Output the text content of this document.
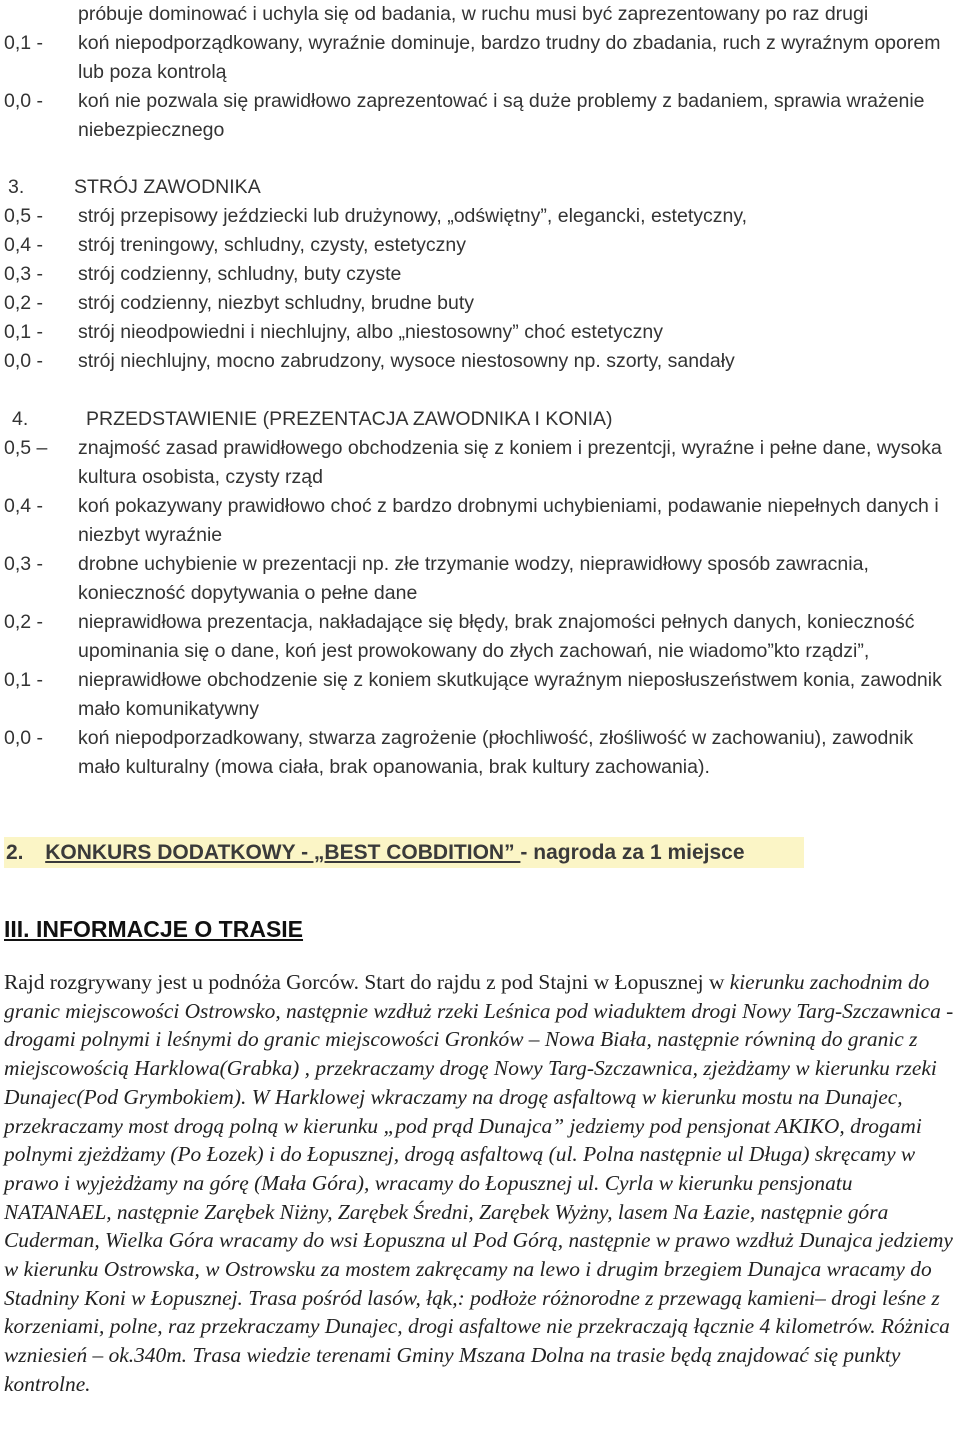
próbuje dominować i uchyla się od badania, w ruchu musi być zaprezentowany po raz drugi
0,1 -	koń niepodporządkowany, wyraźnie dominuje, bardzo trudny do zbadania, ruch z wyraźnym oporem lub poza kontrolą
0,0 -	koń nie pozwala się prawidłowo zaprezentować i są duże problemy z badaniem, sprawia wrażenie niebezpiecznego
3.	STRÓJ ZAWODNIKA
0,5 -	strój przepisowy jeździecki lub drużynowy, „odświętny”, elegancki, estetyczny,
0,4 -	strój treningowy, schludny, czysty, estetyczny
0,3 -	strój codzienny, schludny, buty czyste
0,2 -	strój codzienny, niezbyt schludny, brudne buty
0,1 -	strój nieodpowiedni i niechlujny, albo „niestosowny” choć estetyczny
0,0 -	strój niechlujny, mocno zabrudzony, wysoce niestosowny np. szorty, sandały
4.	PRZEDSTAWIENIE (PREZENTACJA ZAWODNIKA I KONIA)
0,5 –	znajmość zasad prawidłowego obchodzenia się z koniem i prezentcji, wyraźne i pełne dane, wysoka kultura osobista, czysty rząd
0,4 -	koń pokazywany prawidłowo choć z bardzo drobnymi uchybieniami, podawanie niepełnych danych i niezbyt wyraźnie
0,3 -	drobne uchybienie w prezentacji np. złe trzymanie wodzy, nieprawidłowy sposób zawracnia, konieczność dopytywania o pełne dane
0,2 -	nieprawidłowa prezentacja, nakładające się błędy, brak znajomości pełnych danych, konieczność upominania się o dane, koń jest prowokowany do złych zachowań, nie wiadomo”kto rządzi”,
0,1 -	nieprawidłowe obchodzenie się z koniem skutkujące wyraźnym nieposłuszeństwem konia, zawodnik mało komunikatywny
0,0 -	koń niepodporzadkowany, stwarza zagrożenie (płochliwość, złośliwość w zachowaniu), zawodnik mało kulturalny (mowa ciała, brak opanowania, brak kultury zachowania).
2. KONKURS DODATKOWY - „BEST COBDITION” - nagroda za 1 miejsce
III. INFORMACJE O TRASIE
Rajd rozgrywany jest u podnóża Gorców. Start do rajdu z pod Stajni w Łopusznej w kierunku zachodnim do granic miejscowości Ostrowsko, następnie wzdłuż rzeki Leśnica pod wiaduktem drogi Nowy Targ-Szczawnica - drogami polnymi i leśnymi do granic miejscowości Gronków – Nowa Biała, następnie równiną do granic z miejscowością Harklowa(Grabka) , przekraczamy drogę Nowy Targ-Szczawnica, zjeżdżamy w kierunku rzeki Dunajec(Pod Grymbokiem). W Harklowej wkraczamy na drogę asfaltową w kierunku mostu na Dunajec, przekraczamy most drogą polną w kierunku „pod prąd Dunajca” jedziemy pod pensjonat AKIKO, drogami polnymi zjeżdżamy (Po Łozek) i do Łopusznej, drogą asfaltową (ul. Polna następnie ul Długa) skręcamy w prawo i wyjeżdżamy na górę (Mała Góra), wracamy do Łopusznej ul. Cyrla w kierunku pensjonatu NATANAEL, następnie Zarębek Niżny, Zarębek Średni, Zarębek Wyżny, lasem Na Łazie, następnie góra Cuderman, Wielka Góra wracamy do wsi Łopuszna ul Pod Górą, następnie w prawo wzdłuż Dunajca jedziemy w kierunku Ostrowska, w Ostrowsku za mostem zakręcamy na lewo i drugim brzegiem Dunajca wracamy do Stadniny Koni w Łopusznej. Trasa pośród lasów, łąk,: podłoże różnorodne z przewagą kamieni– drogi leśne z korzeniami, polne, raz przekraczamy Dunajec, drogi asfaltowe nie przekraczają łącznie 4 kilometrów. Różnica wzniesień – ok.340m. Trasa wiedzie terenami Gminy Mszana Dolna na trasie będą znajdować się punkty kontrolne.
